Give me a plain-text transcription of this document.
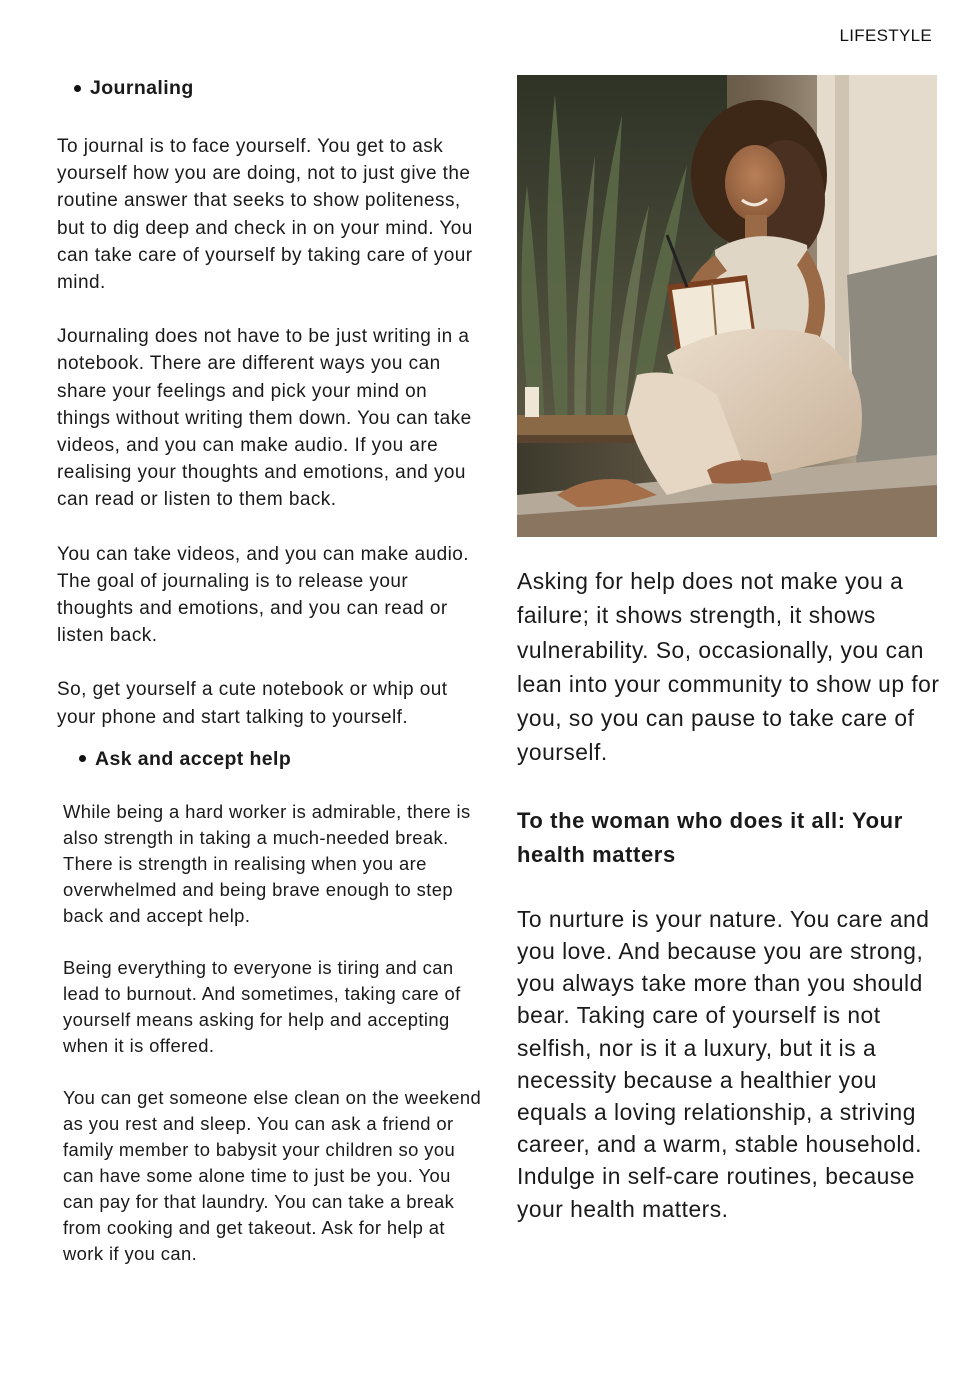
LIFESTYLE
Journaling

To journal is to face yourself. You get to ask yourself how you are doing, not to just give the routine answer that seeks to show politeness, but to dig deep and check in on your mind. You can take care of yourself by taking care of your mind.

Journaling does not have to be just writing in a notebook. There are different ways you can share your feelings and pick your mind on things without writing them down. You can take videos, and you can make audio. If you are realising your thoughts and emotions, and you can read or listen to them back.

You can take videos, and you can make audio. The goal of journaling is to release your thoughts and emotions, and you can read or listen back.

So, get yourself a cute notebook or whip out your phone and start talking to yourself.

Ask and accept help

While being a hard worker is admirable, there is also strength in taking a much-needed break. There is strength in realising when you are overwhelmed and being brave enough to step back and accept help.

Being everything to everyone is tiring and can lead to burnout. And sometimes, taking care of yourself means asking for help and accepting when it is offered.

You can get someone else clean on the weekend as you rest and sleep. You can ask a friend or family member to babysit your children so you can have some alone time to just be you. You can pay for that laundry. You can take a break from cooking and get takeout. Ask for help at work if you can.

Asking for help does not make you a failure; it shows strength, it shows vulnerability. So, occasionally, you can lean into your community to show up for you, so you can pause to take care of yourself.

To the woman who does it all: Your health matters

To nurture is your nature. You care and you love. And because you are strong, you always take more than you should bear. Taking care of yourself is not selfish, nor is it a luxury, but it is a necessity because a healthier you equals a loving relationship, a striving career, and a warm, stable household. Indulge in self-care routines, because your health matters.
